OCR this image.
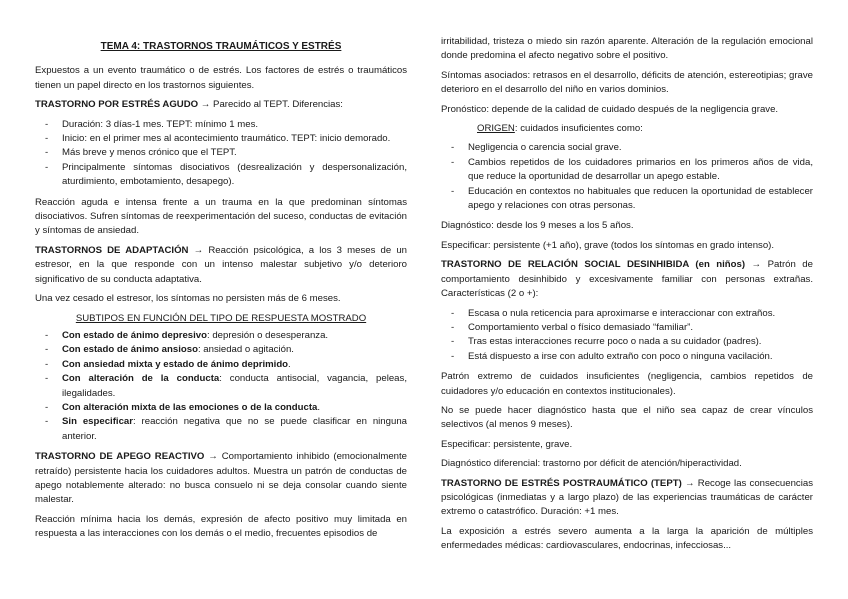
TEMA 4: TRASTORNOS TRAUMÁTICOS Y ESTRÉS

Expuestos a un evento traumático o de estrés. Los factores de estrés o traumáticos tienen un papel directo en los trastornos siguientes.

TRASTORNO POR ESTRÉS AGUDO → Parecido al TEPT. Diferencias:

- Duración: 3 días-1 mes. TEPT: mínimo 1 mes.
- Inicio: en el primer mes al acontecimiento traumático. TEPT: inicio demorado.
- Más breve y menos crónico que el TEPT.
- Principalmente síntomas disociativos (desrealización y despersonalización, aturdimiento, embotamiento, desapego).

Reacción aguda e intensa frente a un trauma en la que predominan síntomas disociativos. Sufren síntomas de reexperimentación del suceso, conductas de evitación y síntomas de ansiedad.

TRASTORNOS DE ADAPTACIÓN → Reacción psicológica, a los 3 meses de un estresor, en la que responde con un intenso malestar subjetivo y/o deterioro significativo de su conducta adaptativa.

Una vez cesado el estresor, los síntomas no persisten más de 6 meses.

SUBTIPOS EN FUNCIÓN DEL TIPO DE RESPUESTA MOSTRADO
- Con estado de ánimo depresivo: depresión o desesperanza.
- Con estado de ánimo ansioso: ansiedad o agitación.
- Con ansiedad mixta y estado de ánimo deprimido.
- Con alteración de la conducta: conducta antisocial, vagancia, peleas, ilegalidades.
- Con alteración mixta de las emociones o de la conducta.
- Sin especificar: reacción negativa que no se puede clasificar en ninguna anterior.

TRASTORNO DE APEGO REACTIVO → Comportamiento inhibido (emocionalmente retraído) persistente hacia los cuidadores adultos. Muestra un patrón de conductas de apego notablemente alterado: no busca consuelo ni se deja consolar cuando siente malestar.

Reacción mínima hacia los demás, expresión de afecto positivo muy limitada en respuesta a las interacciones con los demás o el medio, frecuentes episodios de

irritabilidad, tristeza o miedo sin razón aparente. Alteración de la regulación emocional donde predomina el afecto negativo sobre el positivo.

Síntomas asociados: retrasos en el desarrollo, déficits de atención, estereotipias; grave deterioro en el desarrollo del niño en varios dominios.

Pronóstico: depende de la calidad de cuidado después de la negligencia grave.

ORIGEN: cuidados insuficientes como:

- Negligencia o carencia social grave.
- Cambios repetidos de los cuidadores primarios en los primeros años de vida, que reduce la oportunidad de desarrollar un apego estable.
- Educación en contextos no habituales que reducen la oportunidad de establecer apego y relaciones con otras personas.

Diagnóstico: desde los 9 meses a los 5 años.

Especificar: persistente (+1 año), grave (todos los síntomas en grado intenso).

TRASTORNO DE RELACIÓN SOCIAL DESINHIBIDA (en niños) → Patrón de comportamiento desinhibido y excesivamente familiar con personas extrañas. Características (2 o +):

- Escasa o nula reticencia para aproximarse e interaccionar con extraños.
- Comportamiento verbal o físico demasiado “familiar”.
- Tras estas interacciones recurre poco o nada a su cuidador (padres).
- Está dispuesto a irse con adulto extraño con poco o ninguna vacilación.

Patrón extremo de cuidados insuficientes (negligencia, cambios repetidos de cuidadores y/o educación en contextos institucionales).

No se puede hacer diagnóstico hasta que el niño sea capaz de crear vínculos selectivos (al menos 9 meses).

Especificar: persistente, grave.

Diagnóstico diferencial: trastorno por déficit de atención/hiperactividad.

TRASTORNO DE ESTRÉS POSTRAUMÁTICO (TEPT) → Recoge las consecuencias psicológicas (inmediatas y a largo plazo) de las experiencias traumáticas de carácter extremo o catastrófico. Duración: +1 mes.

La exposición a estrés severo aumenta a la larga la aparición de múltiples enfermedades médicas: cardiovasculares, endocrinas, infecciosas...
